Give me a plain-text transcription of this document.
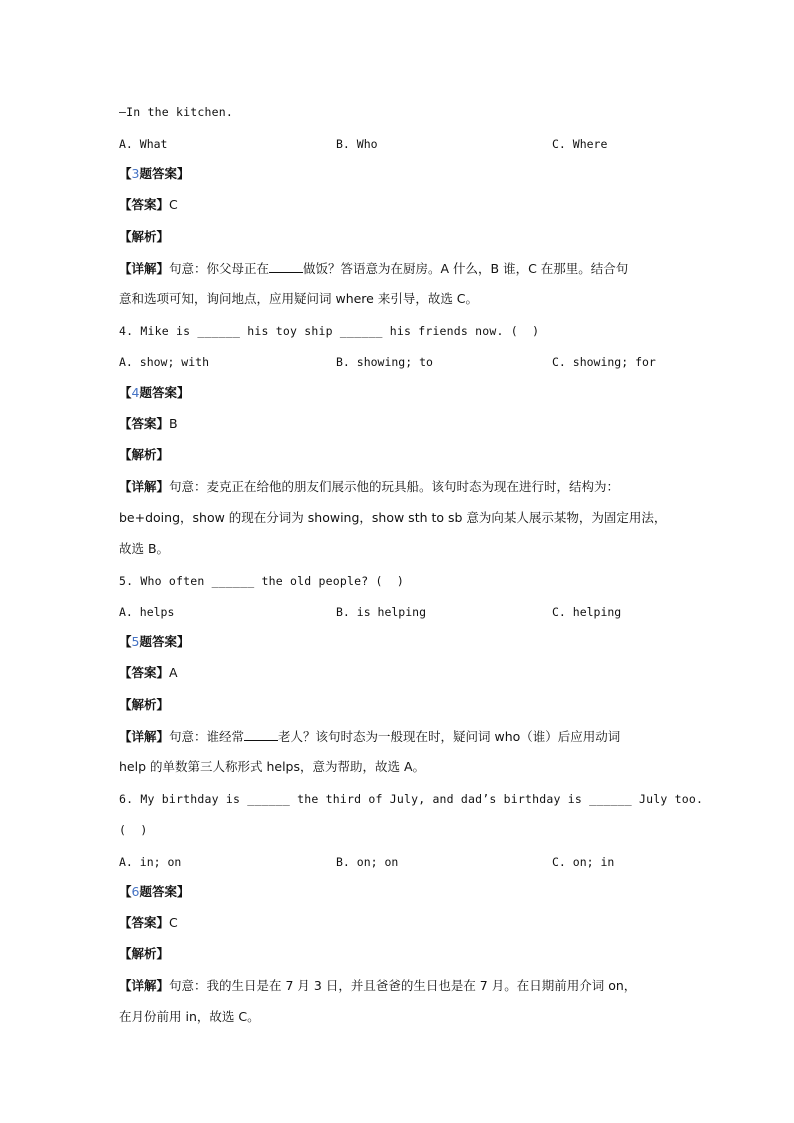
—In the kitchen.
A. What	B. Who	C. Where
【3题答案】
【答案】C
【解析】
【详解】句意：你父母正在	做饭？答语意为在厨房。A 什么，B 谁，C 在那里。结合句
意和选项可知，询问地点，应用疑问词 where 来引导，故选 C。
4. Mike is ______ his toy ship ______ his friends now. (  )
A. show; with	B. showing; to	C. showing; for
【4题答案】
【答案】B
【解析】
【详解】句意：麦克正在给他的朋友们展示他的玩具船。该句时态为现在进行时，结构为：
be+doing，show 的现在分词为 showing，show sth to sb 意为向某人展示某物，为固定用法，
故选 B。
5. Who often ______ the old people? (  )
A. helps	B. is helping	C. helping
【5题答案】
【答案】A
【解析】
【详解】句意：谁经常	老人？该句时态为一般现在时，疑问词 who（谁）后应用动词
help 的单数第三人称形式 helps，意为帮助，故选 A。
6. My birthday is ______ the third of July, and dad’s birthday is ______ July too.
(  )
A. in; on	B. on; on	C. on; in
【6题答案】
【答案】C
【解析】
【详解】句意：我的生日是在 7 月 3 日，并且爸爸的生日也是在 7 月。在日期前用介词 on，
在月份前用 in，故选 C。
